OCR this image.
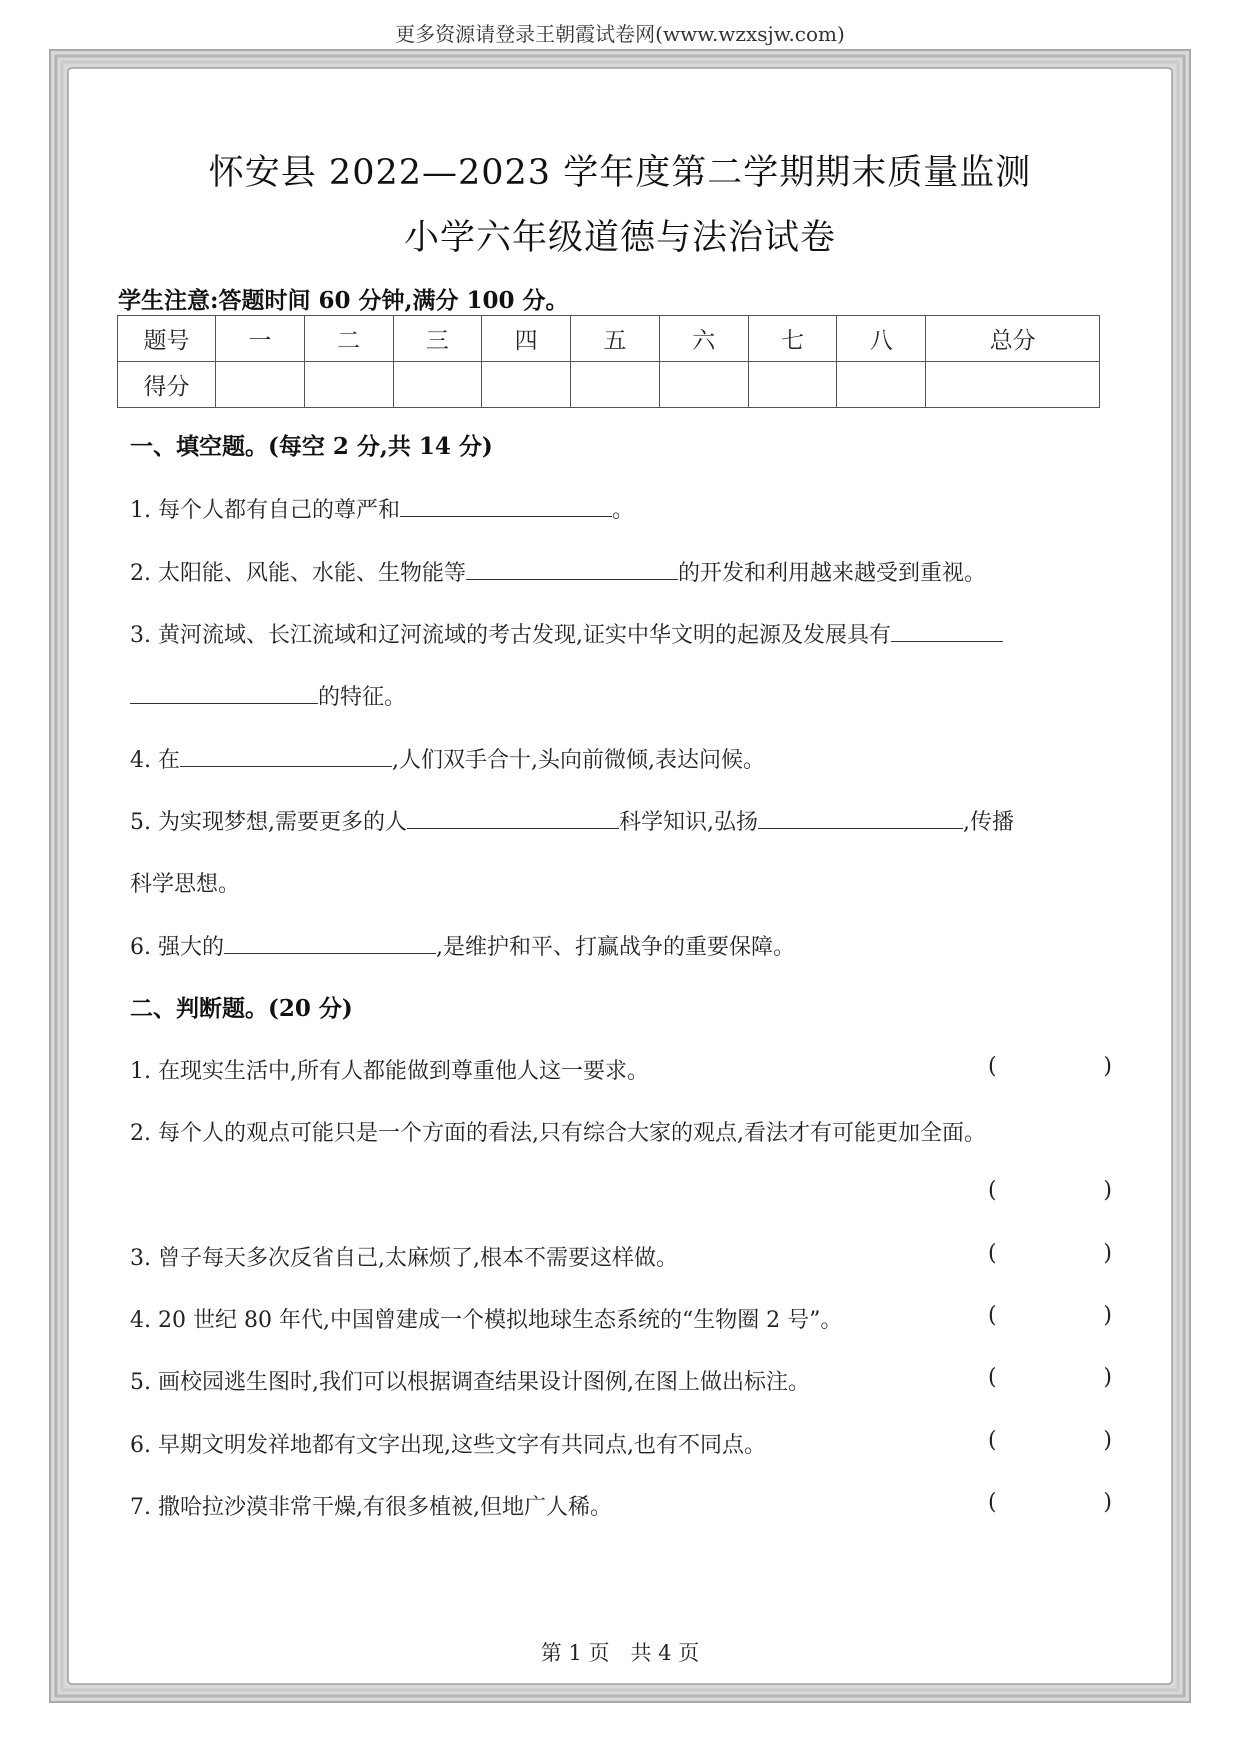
更多资源请登录王朝霞试卷网(www.wzxsjw.com)
怀安县 2022—2023 学年度第二学期期末质量监测
小学六年级道德与法治试卷
学生注意:答题时间 60 分钟,满分 100 分。
题号	一	二	三	四	五	六	七	八	总分
得分									
一、填空题。(每空 2 分,共 14 分)
1. 每个人都有自己的尊严和	。
2. 太阳能、风能、水能、生物能等	的开发和利用越来越受到重视。
3. 黄河流域、长江流域和辽河流域的考古发现,证实中华文明的起源及发展具有
的特征。
4. 在	,人们双手合十,头向前微倾,表达问候。
5. 为实现梦想,需要更多的人	科学知识,弘扬	,传播
科学思想。
6. 强大的	,是维护和平、打赢战争的重要保障。
二、判断题。(20 分)
1. 在现实生活中,所有人都能做到尊重他人这一要求。	(	)
2. 每个人的观点可能只是一个方面的看法,只有综合大家的观点,看法才有可能更加全面。
(	)
3. 曾子每天多次反省自己,太麻烦了,根本不需要这样做。	(	)
4. 20 世纪 80 年代,中国曾建成一个模拟地球生态系统的“生物圈 2 号”。	(	)
5. 画校园逃生图时,我们可以根据调查结果设计图例,在图上做出标注。	(	)
6. 早期文明发祥地都有文字出现,这些文字有共同点,也有不同点。	(	)
7. 撒哈拉沙漠非常干燥,有很多植被,但地广人稀。	(	)
第 1 页　共 4 页
